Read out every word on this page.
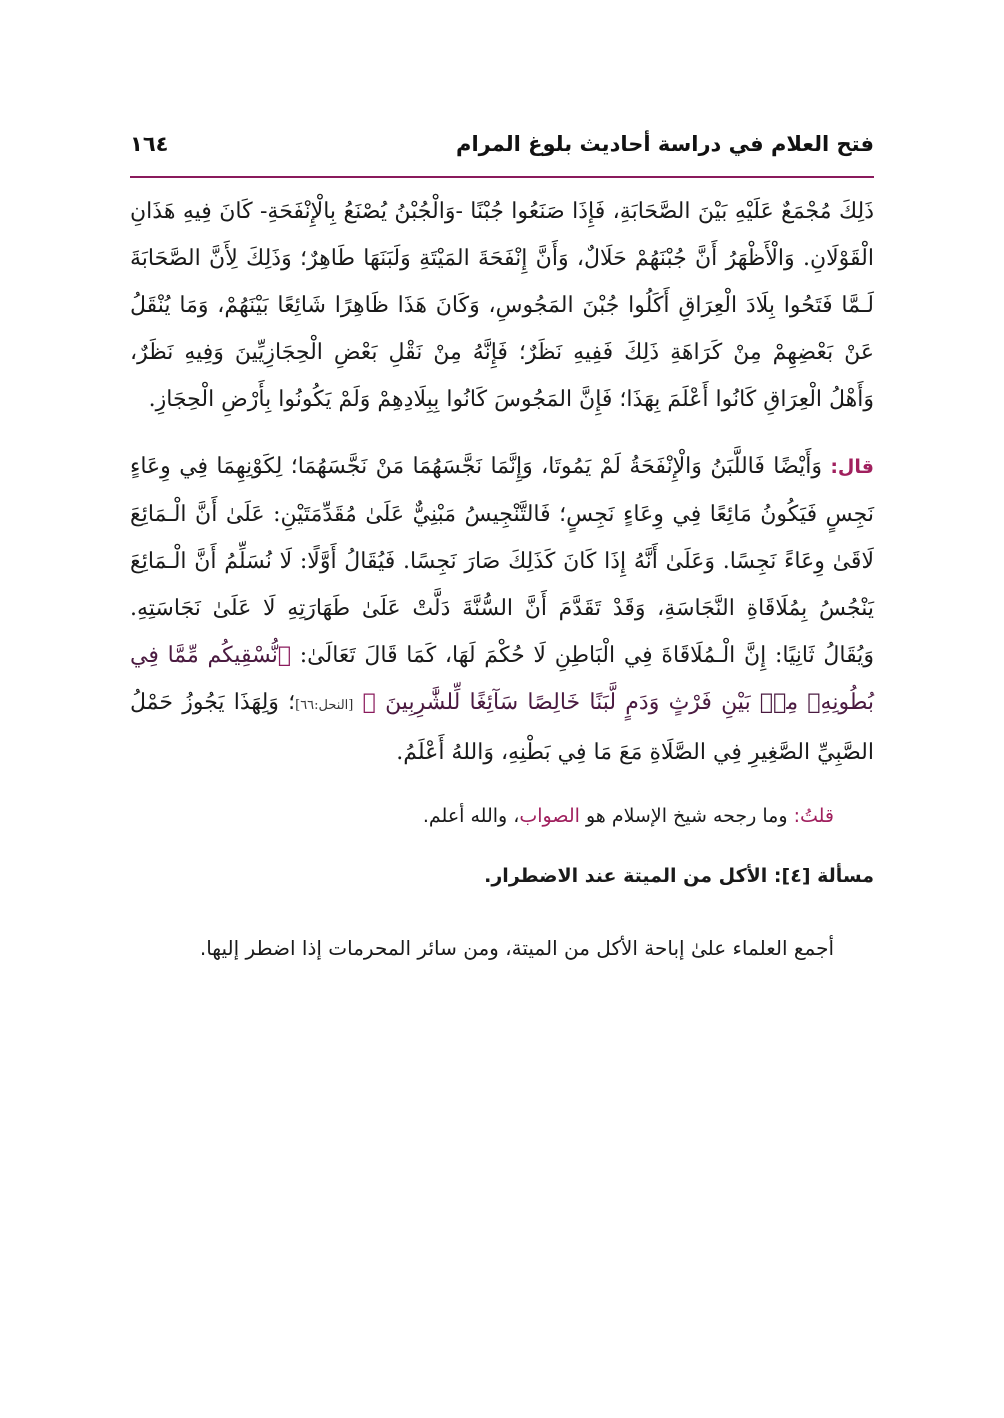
فتح العلام في دراسة أحاديث بلوغ المرام
١٦٤

ذَلِكَ مُجْمَعٌ عَلَيْهِ بَيْنَ الصَّحَابَةِ، فَإِذَا صَنَعُوا جُبْنًا -وَالْجُبْنُ يُصْنَعُ بِالْإِنْفَحَةِ- كَانَ فِيهِ هَذَانِ الْقَوْلَانِ. وَالْأَظْهَرُ أَنَّ جُبْنَهُمْ حَلَالٌ، وَأَنَّ إِنْفَحَةَ المَيْتَةِ وَلَبَنَهَا طَاهِرٌ؛ وَذَلِكَ لِأَنَّ الصَّحَابَةَ لَـمَّا فَتَحُوا بِلَادَ الْعِرَاقِ أَكَلُوا جُبْنَ المَجُوسِ، وَكَانَ هَذَا ظَاهِرًا شَائِعًا بَيْنَهُمْ، وَمَا يُنْقَلُ عَنْ بَعْضِهِمْ مِنْ كَرَاهَةِ ذَلِكَ فَفِيهِ نَظَرٌ؛ فَإِنَّهُ مِنْ نَقْلِ بَعْضِ الْحِجَازِيِّينَ وَفِيهِ نَظَرٌ، وَأَهْلُ الْعِرَاقِ كَانُوا أَعْلَمَ بِهَذَا؛ فَإِنَّ المَجُوسَ كَانُوا بِبِلَادِهِمْ وَلَمْ يَكُونُوا بِأَرْضِ الْحِجَازِ.

قال: وَأَيْضًا فَاللَّبَنُ وَالْإِنْفَحَةُ لَمْ يَمُوتَا، وَإِنَّمَا نَجَّسَهُمَا مَنْ نَجَّسَهُمَا؛ لِكَوْنِهِمَا فِي وِعَاءٍ نَجِسٍ فَيَكُونُ مَائِعًا فِي وِعَاءٍ نَجِسٍ؛ فَالتَّنْجِيسُ مَبْنِيٌّ عَلَىٰ مُقَدِّمَتَيْنِ: عَلَىٰ أَنَّ الْـمَائِعَ لَاقَىٰ وِعَاءً نَجِسًا. وَعَلَىٰ أَنَّهُ إِذَا كَانَ كَذَلِكَ صَارَ نَجِسًا. فَيُقَالُ أَوَّلًا: لَا نُسَلِّمُ أَنَّ الْـمَائِعَ يَنْجُسُ بِمُلَاقَاةِ النَّجَاسَةِ، وَقَدْ تَقَدَّمَ أَنَّ السُّنَّةَ دَلَّتْ عَلَىٰ طَهَارَتِهِ لَا عَلَىٰ نَجَاسَتِهِ. وَيُقَالُ ثَانِيًا: إِنَّ الْـمُلَاقَاةَ فِي الْبَاطِنِ لَا حُكْمَ لَهَا، كَمَا قَالَ تَعَالَىٰ: ﴿نُّسْقِيكُم مِّمَّا فِي بُطُونِهِۦ مِنۢ بَيْنِ فَرْثٍ وَدَمٍ لَّبَنًا خَالِصًا سَآئِغًا لِّلشَّٰرِبِينَ ﴾ [النحل:٦٦]؛ وَلِهَذَا يَجُوزُ حَمْلُ الصَّبِيِّ الصَّغِيرِ فِي الصَّلَاةِ مَعَ مَا فِي بَطْنِهِ، وَاللهُ أَعْلَمُ.

قلتُ: وما رجحه شيخ الإسلام هو الصواب، والله أعلم.

مسألة [٤]: الأكل من الميتة عند الاضطرار.

أجمع العلماء علىٰ إباحة الأكل من الميتة، ومن سائر المحرمات إذا اضطر إليها.
